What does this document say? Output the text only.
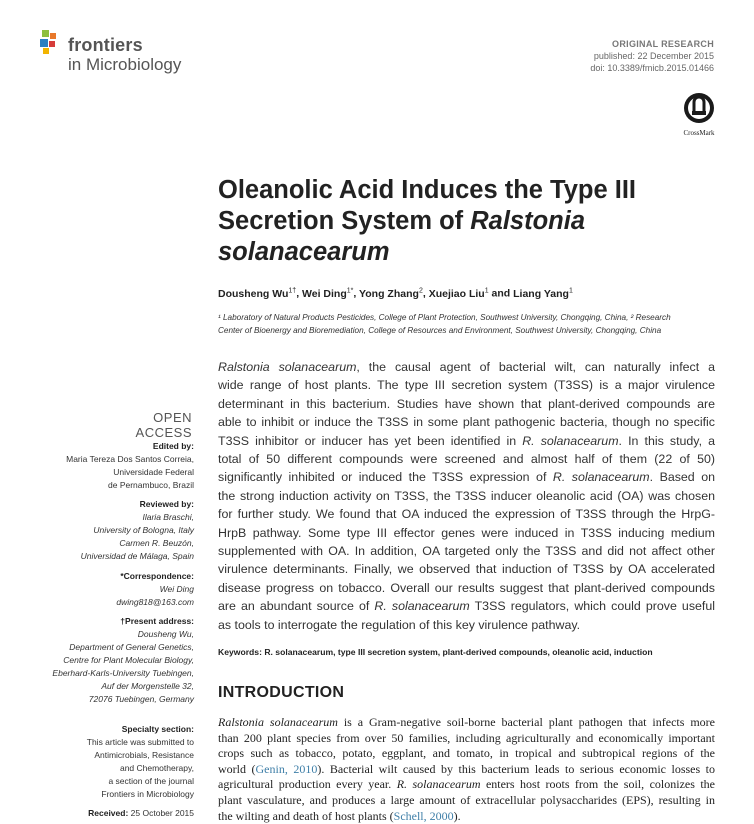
frontiers
in Microbiology
ORIGINAL RESEARCH
published: 22 December 2015
doi: 10.3389/fmicb.2015.01466
CrossMark
Oleanolic Acid Induces the Type III
Secretion System of Ralstonia
solanacearum
Dousheng $Wu^{1\dagger}$, Wei Ding$^{1*}$, Yong Zhang$^2$, Xuejiao Liu$^1$ and Liang Yang$^1$
¹ Laboratory of Natural Products Pesticides, College of Plant Protection, Southwest University, Chongqing, China, ² Research
Center of Bioenergy and Bioremediation, College of Resources and Environment, Southwest University, Chongqing, China
Ralstonia solanacearum, the causal agent of bacterial wilt, can naturally infect a
wide range of host plants. The type III secretion system (T3SS) is a major virulence
determinant in this bacterium. Studies have shown that plant-derived compounds are
able to inhibit or induce the T3SS in some plant pathogenic bacteria, though no specific
T3SS inhibitor or inducer has yet been identified in R. solanacearum. In this study, a
total of 50 different compounds were screened and almost half of them (22 of 50)
significantly inhibited or induced the T3SS expression of R. solanacearum. Based on
the strong induction activity on T3SS, the T3SS inducer oleanolic acid (OA) was chosen
for further study. We found that OA induced the expression of T3SS through the HrpG-
HrpB pathway. Some type III effector genes were induced in T3SS inducing medium
supplemented with OA. In addition, OA targeted only the T3SS and did not affect other
virulence determinants. Finally, we observed that induction of T3SS by OA accelerated
disease progress on tobacco. Overall our results suggest that plant-derived compounds
are an abundant source of R. solanacearum T3SS regulators, which could prove useful
as tools to interrogate the regulation of this key virulence pathway.
Keywords: R. solanacearum, type III secretion system, plant-derived compounds, oleanolic acid, induction
INTRODUCTION
Ralstonia solanacearum is a Gram-negative soil-borne bacterial plant pathogen that infects more
than 200 plant species from over 50 families, including agriculturally and economically important
crops such as tobacco, potato, eggplant, and tomato, in tropical and subtropical regions of the
world (Genin, 2010). Bacterial wilt caused by this bacterium leads to serious economic losses to
agricultural production every year. R. solanacearum enters host roots from the soil, colonizes the
plant vasculature, and produces a large amount of extracellular polysaccharides (EPS), resulting in
the wilting and death of host plants (Schell, 2000).
OPEN ACCESS
Edited by:
Maria Tereza Dos Santos Correia,
Universidade Federal
de Pernambuco, Brazil
Reviewed by:
Ilaria Braschi,
University of Bologna, Italy
Carmen R. Beuzón,
Universidad de Málaga, Spain
*Correspondence:
Wei Ding
dwing818@163.com
†Present address:
Dousheng Wu,
Department of General Genetics,
Centre for Plant Molecular Biology,
Eberhard-Karls-University Tuebingen,
Auf der Morgenstelle 32,
72076 Tuebingen, Germany
Specialty section:
This article was submitted to
Antimicrobials, Resistance
and Chemotherapy,
a section of the journal
Frontiers in Microbiology
Received: 25 October 2015
